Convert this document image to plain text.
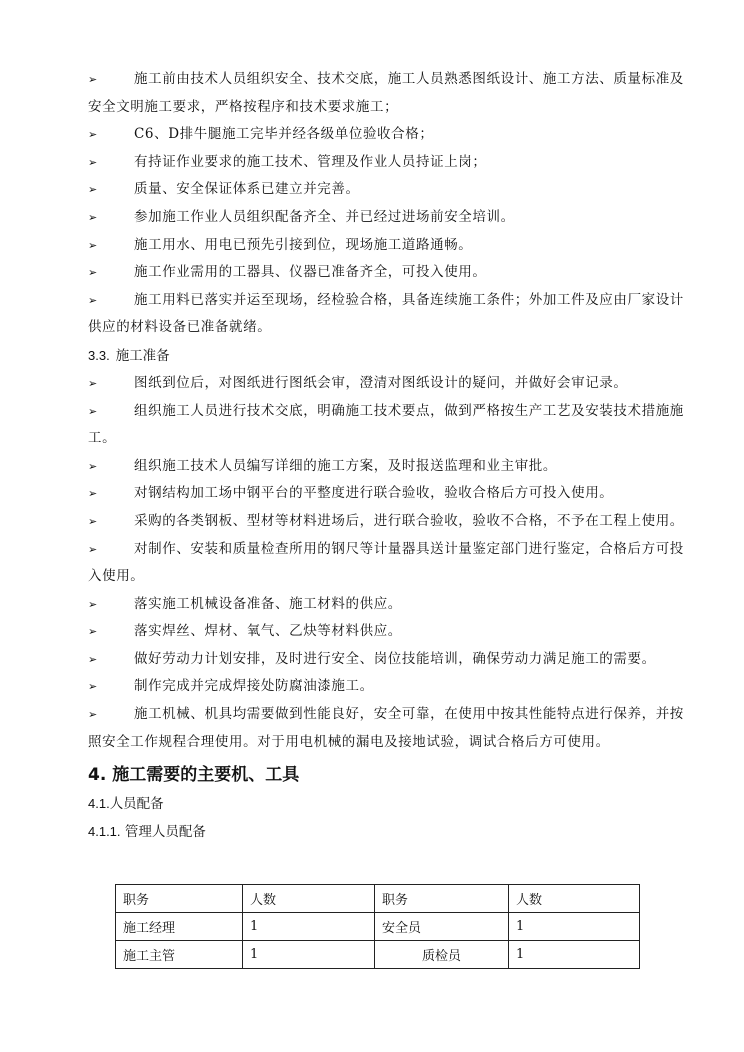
➢	施工前由技术人员组织安全、技术交底，施工人员熟悉图纸设计、施工方法、质量标准及安全文明施工要求，严格按程序和技术要求施工；

➢	C6、D排牛腿施工完毕并经各级单位验收合格；

➢	有持证作业要求的施工技术、管理及作业人员持证上岗；

➢	质量、安全保证体系已建立并完善。

➢	参加施工作业人员组织配备齐全、并已经过进场前安全培训。

➢	施工用水、用电已预先引接到位，现场施工道路通畅。

➢	施工作业需用的工器具、仪器已准备齐全，可投入使用。

➢	施工用料已落实并运至现场，经检验合格，具备连续施工条件；外加工件及应由厂家设计供应的材料设备已准备就绪。

3.3. 施工准备

➢	图纸到位后，对图纸进行图纸会审，澄清对图纸设计的疑问，并做好会审记录。

➢	组织施工人员进行技术交底，明确施工技术要点，做到严格按生产工艺及安装技术措施施工。

➢	组织施工技术人员编写详细的施工方案，及时报送监理和业主审批。

➢	对钢结构加工场中钢平台的平整度进行联合验收，验收合格后方可投入使用。

➢	采购的各类钢板、型材等材料进场后，进行联合验收，验收不合格，不予在工程上使用。

➢	对制作、安装和质量检查所用的钢尺等计量器具送计量鉴定部门进行鉴定，合格后方可投入使用。

➢	落实施工机械设备准备、施工材料的供应。

➢	落实焊丝、焊材、氧气、乙炔等材料供应。

➢	做好劳动力计划安排，及时进行安全、岗位技能培训，确保劳动力满足施工的需要。

➢	制作完成并完成焊接处防腐油漆施工。

➢	施工机械、机具均需要做到性能良好，安全可靠，在使用中按其性能特点进行保养，并按照安全工作规程合理使用。对于用电机械的漏电及接地试验，调试合格后方可使用。

4. 施工需要的主要机、工具

4.1.人员配备

4.1.1. 管理人员配备

职务	人数	职务	人数
施工经理	1	安全员	1
施工主管	1	质检员	1
